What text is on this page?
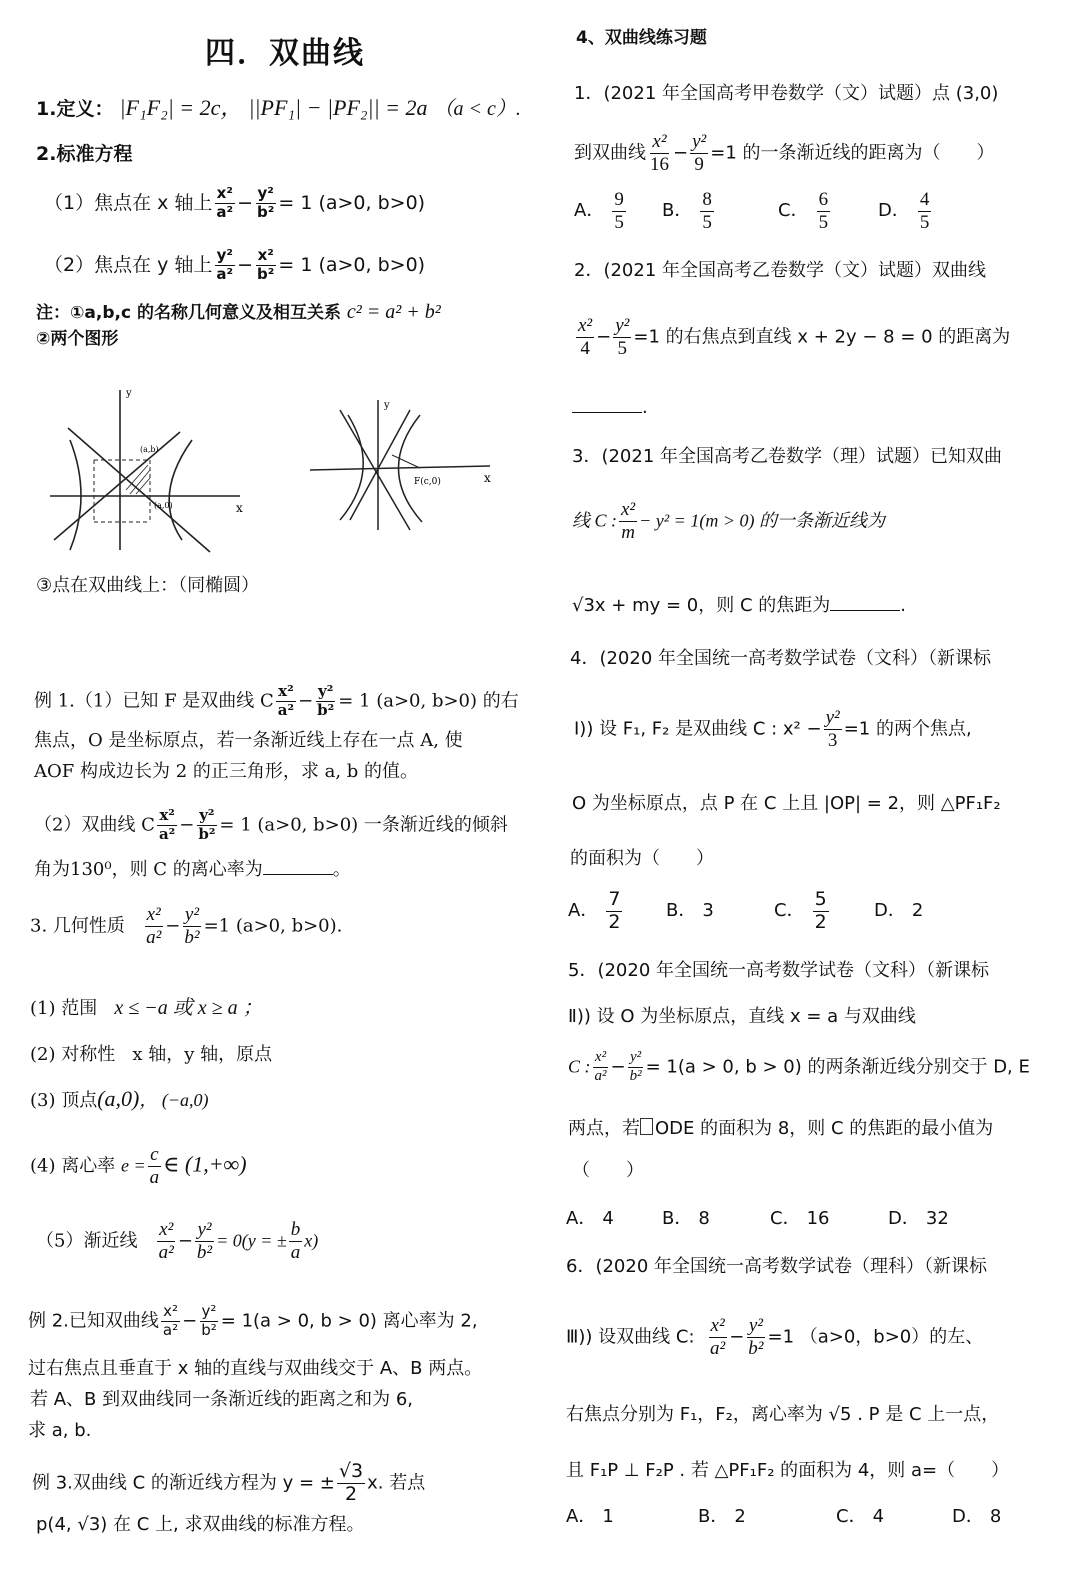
四．双曲线
1.定义： |F₁F₂| = 2c， ||PF₁| − |PF₂|| = 2a （a < c）.
2.标准方程
（1）焦点在 x 轴上 $\frac{\text{x²}}{\text{a²}} - \frac{\text{y²}}{\text{b²}} = 1$ (a>0, b>0)
（2）焦点在 y 轴上 $\frac{\text{y²}}{\text{a²}} - \frac{\text{x²}}{\text{b²}} = 1$ (a>0, b>0)
注：①a,b,c 的名称几何意义及相互关系 c² = a² + b²
②两个图形
y
x
(a,b)
(a,0)
y
x
F(c,0)
③点在双曲线上：（同椭圆）
例 1.（1）已知 F 是双曲线 C $\frac{\text{x²}}{\text{a²}} - \frac{\text{y²}}{\text{b²}} = 1$ (a>0, b>0) 的右
焦点，O 是坐标原点，若一条渐近线上存在一点 A, 使
AOF 构成边长为 2 的正三角形，求 a, b 的值。
（2）双曲线 C $\frac{\text{x²}}{\text{a²}} - \frac{\text{y²}}{\text{b²}} = 1$ (a>0, b>0) 一条渐近线的倾斜
角为130⁰，则 C 的离心率为	。
3. 几何性质 $\frac{\text{x²}}{\text{a²}} - \frac{\text{y²}}{\text{b²}} =1$ (a>0, b>0).
(1) 范围 x ≤ −a 或 x ≥ a ；
(2) 对称性 x 轴，y 轴，原点
(3) 顶点(a,0)， (−a,0)
(4) 离心率 $e = \frac{c}{a}$ ∈ (1,+∞)
（5）渐近线 $\frac{\text{x²}}{\text{a²}} - \frac{\text{y²}}{\text{b²}} = 0(y$ = ± $\frac{b}{a} x$)
例 2.已知双曲线 $\frac{\text{x²}}{\text{a²}} - \frac{\text{y²}}{\text{b²}} = 1(a > 0$, b > 0) 离心率为 2,
过右焦点且垂直于 x 轴的直线与双曲线交于 A、B 两点。
若 A、B 到双曲线同一条渐近线的距离之和为 6,
求 a, b.
例 3.双曲线 C 的渐近线方程为 y = ± $\frac{√3}{2} x$. 若点
p(4, √3) 在 C 上, 求双曲线的标准方程。
4、双曲线练习题
1．(2021 年全国高考甲卷数学（文）试题）点 (3,0)
到双曲线 $\frac{\text{x²}}{16} - \frac{\text{y²}}{9} =1$ 的一条渐近线的距离为（　　）
A． $\frac{9}{5}$ B． $\frac{8}{5}$	C． $\frac{6}{5}$	D． $\frac{4}{5}$
2．(2021 年全国高考乙卷数学（文）试题）双曲线
$\frac{\text{x²}}{4} - \frac{\text{y²}}{5} =1$ 的右焦点到直线 x + 2y − 8 = 0 的距离为
.
3．(2021 年全国高考乙卷数学（理）试题）已知双曲
线 C : $\frac{\text{x²}}{m} - y^2 = 1(m > 0)$ 的一条渐近线为
√3x + my = 0，则 C 的焦距为	.
4．(2020 年全国统一高考数学试卷（文科）（新课标
Ⅰ)) 设 F₁, F₂ 是双曲线 C : $x^2 - \frac{\text{y²}}{3} =1$ 的两个焦点,
O 为坐标原点，点 P 在 C 上且 |OP| = 2，则 △PF₁F₂
的面积为（　　）
A． $\frac{7}{2}$ B． 3	C． $\frac{5}{2}$	D． 2
5．(2020 年全国统一高考数学试卷（文科）（新课标
Ⅱ)) 设 O 为坐标原点，直线 x = a 与双曲线
C : $\frac{\text{x²}}{\text{a²}} - \frac{\text{y²}}{\text{b²}} = 1(a > 0$, b > 0) 的两条渐近线分别交于 D, E
两点，若 ODE 的面积为 8，则 C 的焦距的最小值为
（　　）
A． 4	B． 8	C． 16	D． 32
6．(2020 年全国统一高考数学试卷（理科）（新课标
Ⅲ)) 设双曲线 C: $\frac{\text{x²}}{\text{a²}} - \frac{\text{y²}}{\text{b²}} =1$ （a>0，b>0）的左、
右焦点分别为 F₁，F₂，离心率为 √5 . P 是 C 上一点，
且 F₁P ⊥ F₂P . 若 △PF₁F₂ 的面积为 4，则 a=（　　）
A． 1	B． 2	C． 4	D． 8
